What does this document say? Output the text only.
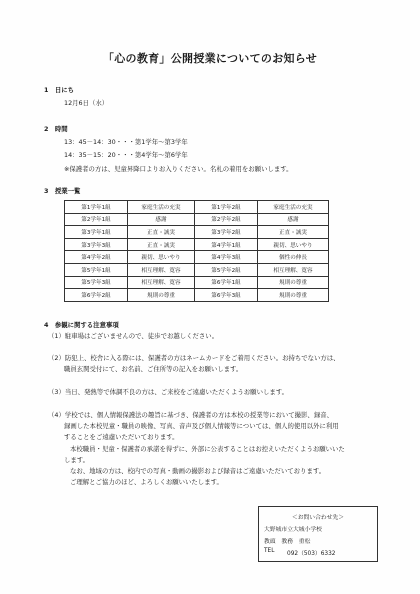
「心の教育」公開授業についてのお知らせ
1　日にち
12月6日（水）
2　時間
13：45－14：30・・・第1学年～第3学年
14：35－15：20・・・第4学年～第6学年
※保護者の方は、児童昇降口よりお入りください。名札の着用をお願いします。
3　授業一覧
第1学年1組	家庭生活の充実	第1学年2組	家庭生活の充実
第2学年1組	感謝	第2学年2組	感謝
第3学年1組	正直・誠実	第3学年2組	正直・誠実
第3学年3組	正直・誠実	第4学年1組	親切、思いやり
第4学年2組	親切、思いやり	第4学年3組	個性の伸長
第5学年1組	相互理解、寛容	第5学年2組	相互理解、寛容
第5学年3組	相互理解、寛容	第6学年1組	規則の尊重
第6学年2組	規則の尊重	第6学年3組	規則の尊重
4　参観に関する注意事項
（1）駐車場はございませんので、徒歩でお越しください。
（2）防犯上、校舎に入る際には、保護者の方はネームカードをご着用ください。お持ちでない方は、
職員玄関受付にて、お名前、ご住所等の記入をお願いします。
（3）当日、発熱等で体調不良の方は、ご来校をご遠慮いただくようお願いします。
（4）学校では、個人情報保護法の趣旨に基づき、保護者の方は本校の授業等において撮影、録音、
録画した本校児童・職員の映像、写真、音声及び個人情報等については、個人的使用以外に利用
することをご遠慮いただいております。
本校職員・児童・保護者の承諾を得ずに、外部に公表することはお控えいただくようお願いいた
します。
なお、地域の方は、校内での写真・動画の撮影および録音はご遠慮いただいております。
ご理解とご協力のほど、よろしくお願いいたします。
＜お問い合わせ先＞
大野城市立大城小学校
教頭　教務　重松
TEL 092（503）6332
